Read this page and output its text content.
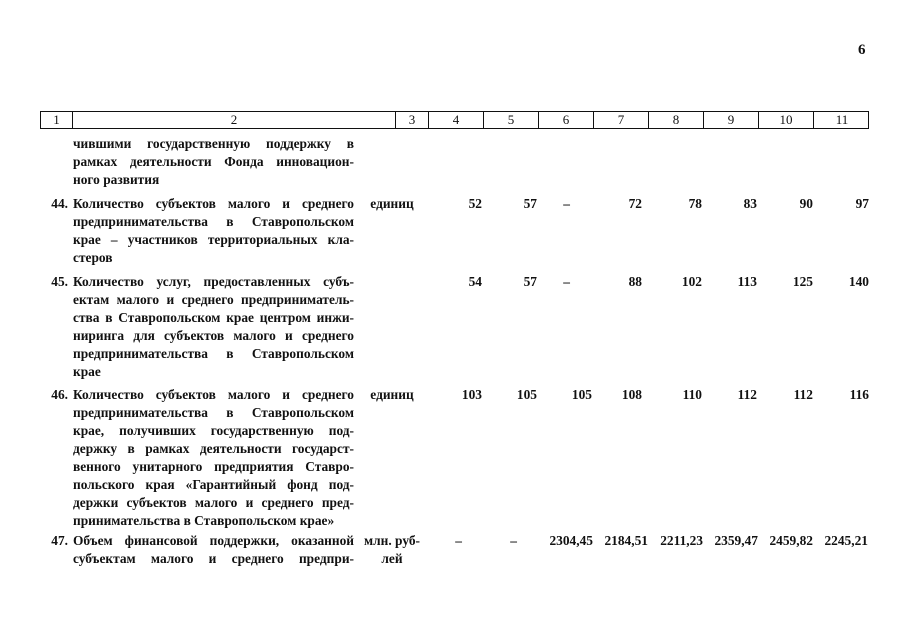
6
1	2	3	4	5	6	7	8	9	10	11
чившими государственную поддержку в
рамках деятельности Фонда инновацион-
ного развития
44. Количество субъектов малого и среднего
предпринимательства в Ставропольском
крае – участников территориальных кла-
стеров
единиц	52	57	–	72	78	83	90	97
45. Количество услуг, предоставленных субъ-
ектам малого и среднего предприниматель-
ства в Ставропольском крае центром инжи-
ниринга для субъектов малого и среднего
предпринимательства в Ставропольском
крае
54	57	–	88	102	113	125	140
46. Количество субъектов малого и среднего
предпринимательства в Ставропольском
крае, получивших государственную под-
держку в рамках деятельности государст-
венного унитарного предприятия Ставро-
польского края «Гарантийный фонд под-
держки субъектов малого и среднего пред-
принимательства в Ставропольском крае»
единиц	103	105	105	108	110	112	112	116
47. Объем финансовой поддержки, оказанной
субъектам малого и среднего предпри-
млн. руб-
лей
–	–	2304,45 2184,51 2211,23 2359,47 2459,82 2245,21
